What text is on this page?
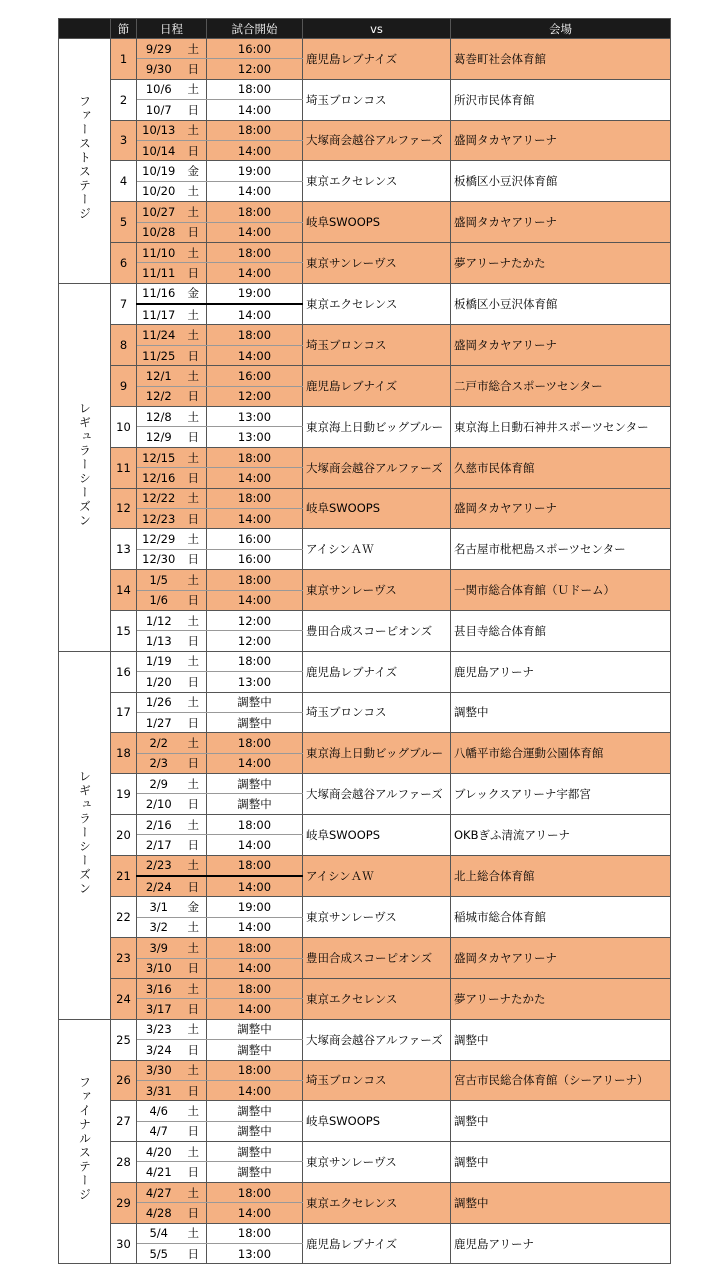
	節	日程		試合開始	vs	会場
ファーストステージ	1	9/29	土	16:00	鹿児島レブナイズ	葛巻町社会体育館
		9/30	日	12:00		
	2	10/6	土	18:00	埼玉ブロンコス	所沢市民体育館
		10/7	日	14:00		
	3	10/13	土	18:00	大塚商会越谷アルファーズ	盛岡タカヤアリーナ
		10/14	日	14:00		
	4	10/19	金	19:00	東京エクセレンス	板橋区小豆沢体育館
		10/20	土	14:00		
	5	10/27	土	18:00	岐阜SWOOPS	盛岡タカヤアリーナ
		10/28	日	14:00		
	6	11/10	土	18:00	東京サンレーヴス	夢アリーナたかた
		11/11	日	14:00		
レギュラーシーズン	7	11/16	金	19:00	東京エクセレンス	板橋区小豆沢体育館
		11/17	土	14:00		
	8	11/24	土	18:00	埼玉ブロンコス	盛岡タカヤアリーナ
		11/25	日	14:00		
	9	12/1	土	16:00	鹿児島レブナイズ	二戸市総合スポーツセンター
		12/2	日	12:00		
	10	12/8	土	13:00	東京海上日動ビッグブルー	東京海上日動石神井スポーツセンター
		12/9	日	13:00		
	11	12/15	土	18:00	大塚商会越谷アルファーズ	久慈市民体育館
		12/16	日	14:00		
	12	12/22	土	18:00	岐阜SWOOPS	盛岡タカヤアリーナ
		12/23	日	14:00		
	13	12/29	土	16:00	アイシンＡＷ	名古屋市枇杷島スポーツセンター
		12/30	日	16:00		
	14	1/5	土	18:00	東京サンレーヴス	一関市総合体育館（Ｕドーム）
		1/6	日	14:00		
	15	1/12	土	12:00	豊田合成スコーピオンズ	甚目寺総合体育館
		1/13	日	12:00		
レギュラーシーズン	16	1/19	土	18:00	鹿児島レブナイズ	鹿児島アリーナ
		1/20	日	13:00		
	17	1/26	土	調整中	埼玉ブロンコス	調整中
		1/27	日	調整中		
	18	2/2	土	18:00	東京海上日動ビッグブルー	八幡平市総合運動公園体育館
		2/3	日	14:00		
	19	2/9	土	調整中	大塚商会越谷アルファーズ	ブレックスアリーナ宇都宮
		2/10	日	調整中		
	20	2/16	土	18:00	岐阜SWOOPS	OKBぎふ清流アリーナ
		2/17	日	14:00		
	21	2/23	土	18:00	アイシンＡＷ	北上総合体育館
		2/24	日	14:00		
	22	3/1	金	19:00	東京サンレーヴス	稲城市総合体育館
		3/2	土	14:00		
	23	3/9	土	18:00	豊田合成スコーピオンズ	盛岡タカヤアリーナ
		3/10	日	14:00		
	24	3/16	土	18:00	東京エクセレンス	夢アリーナたかた
		3/17	日	14:00		
ファイナルステージ	25	3/23	土	調整中	大塚商会越谷アルファーズ	調整中
		3/24	日	調整中		
	26	3/30	土	18:00	埼玉ブロンコス	宮古市民総合体育館（シーアリーナ）
		3/31	日	14:00		
	27	4/6	土	調整中	岐阜SWOOPS	調整中
		4/7	日	調整中		
	28	4/20	土	調整中	東京サンレーヴス	調整中
		4/21	日	調整中		
	29	4/27	土	18:00	東京エクセレンス	調整中
		4/28	日	14:00		
	30	5/4	土	18:00	鹿児島レブナイズ	鹿児島アリーナ
		5/5	日	13:00		
